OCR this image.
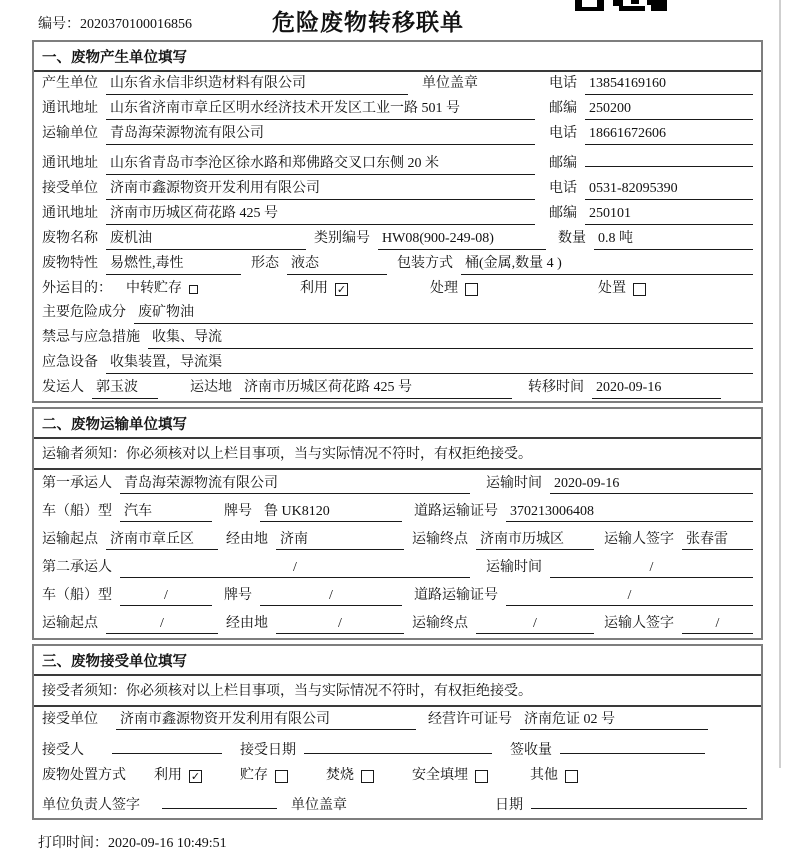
编号：2020370100016856	危险废物转移联单
一、废物产生单位填写
产生单位 山东省永信非织造材料有限公司	单位盖章	电话 13854169160
通讯地址 山东省济南市章丘区明水经济技术开发区工业一路 501 号	邮编 250200
运输单位 青岛海荣源物流有限公司	电话 18661672606
通讯地址 山东省青岛市李沧区徐水路和郑佛路交叉口东侧 20 米	邮编
接受单位 济南市鑫源物资开发利用有限公司	电话 0531-82095390
通讯地址 济南市历城区荷花路 425 号	邮编 250101
废物名称 废机油	类别编号 HW08(900-249-08)	数量 0.8 吨
废物特性 易燃性,毒性	形态 液态	包装方式 桶(金属,数量 4 )
外运目的： 中转贮存	利用 ✓	处理	处置
主要危险成分 废矿物油
禁忌与应急措施 收集、导流
应急设备 收集装置，导流渠
发运人 郭玉波	运达地 济南市历城区荷花路 425 号	转移时间 2020-09-16
二、废物运输单位填写
运输者须知：你必须核对以上栏目事项，当与实际情况不符时，有权拒绝接受。
第一承运人 青岛海荣源物流有限公司	运输时间 2020-09-16
车（船）型 汽车	牌号 鲁 UK8120	道路运输证号 370213006408
运输起点 济南市章丘区	经由地 济南	运输终点 济南市历城区	运输人签字 张春雷
第二承运人	/	运输时间	/
车（船）型	/	牌号	/	道路运输证号	/
运输起点	/	经由地	/	运输终点	/	运输人签字	/
三、废物接受单位填写
接受者须知：你必须核对以上栏目事项，当与实际情况不符时，有权拒绝接受。
接受单位 济南市鑫源物资开发利用有限公司	经营许可证号 济南危证 02 号
接受人	接受日期	签收量
废物处置方式 利用 ✓	贮存	焚烧	安全填埋	其他
单位负责人签字	单位盖章	日期
打印时间：2020-09-16 10:49:51
